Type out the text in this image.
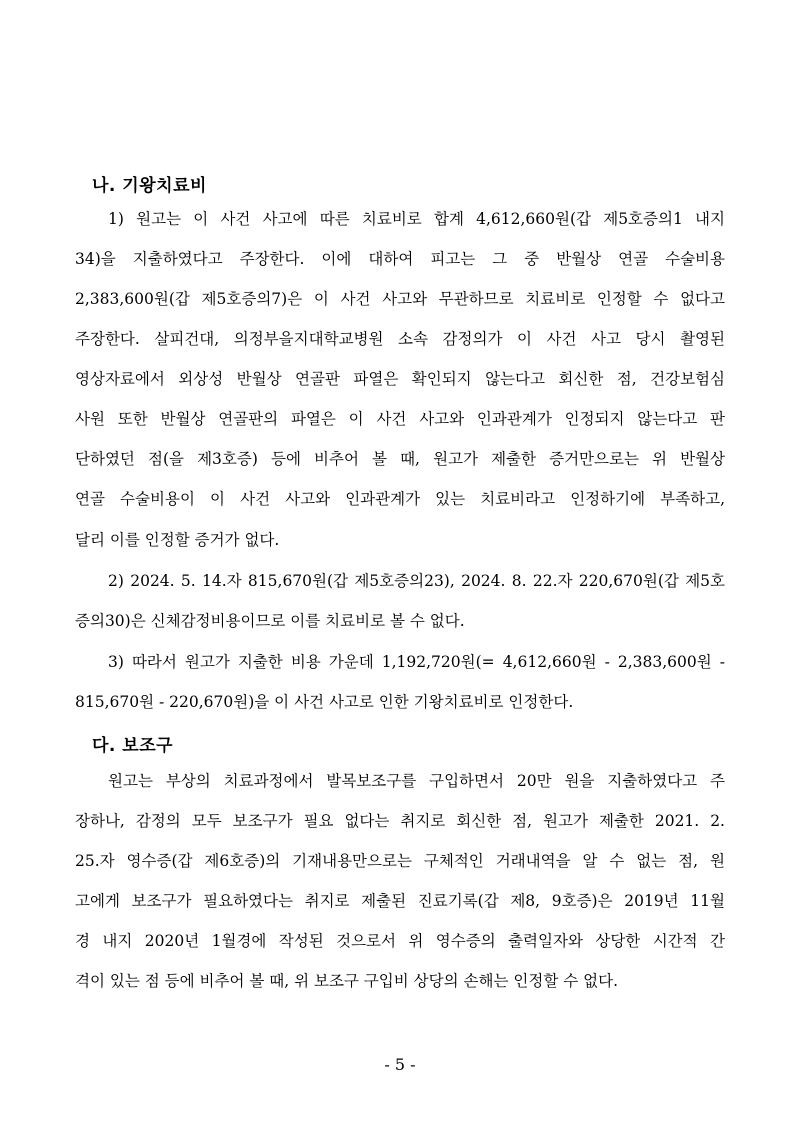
나. 기왕치료비
1) 원고는 이 사건 사고에 따른 치료비로 합계 4,612,660원(갑 제5호증의1 내지
34)을 지출하였다고 주장한다. 이에 대하여 피고는 그 중 반월상 연골 수술비용
2,383,600원(갑 제5호증의7)은 이 사건 사고와 무관하므로 치료비로 인정할 수 없다고
주장한다. 살피건대, 의정부을지대학교병원 소속 감정의가 이 사건 사고 당시 촬영된
영상자료에서 외상성 반월상 연골판 파열은 확인되지 않는다고 회신한 점, 건강보험심
사원 또한 반월상 연골판의 파열은 이 사건 사고와 인과관계가 인정되지 않는다고 판
단하였던 점(을 제3호증) 등에 비추어 볼 때, 원고가 제출한 증거만으로는 위 반월상
연골 수술비용이 이 사건 사고와 인과관계가 있는 치료비라고 인정하기에 부족하고,
달리 이를 인정할 증거가 없다.
2) 2024. 5. 14.자 815,670원(갑 제5호증의23), 2024. 8. 22.자 220,670원(갑 제5호
증의30)은 신체감정비용이므로 이를 치료비로 볼 수 없다.
3) 따라서 원고가 지출한 비용 가운데 1,192,720원(= 4,612,660원 - 2,383,600원 -
815,670원 - 220,670원)을 이 사건 사고로 인한 기왕치료비로 인정한다.
다. 보조구
원고는 부상의 치료과정에서 발목보조구를 구입하면서 20만 원을 지출하였다고 주
장하나, 감정의 모두 보조구가 필요 없다는 취지로 회신한 점, 원고가 제출한 2021. 2.
25.자 영수증(갑 제6호증)의 기재내용만으로는 구체적인 거래내역을 알 수 없는 점, 원
고에게 보조구가 필요하였다는 취지로 제출된 진료기록(갑 제8, 9호증)은 2019년 11월
경 내지 2020년 1월경에 작성된 것으로서 위 영수증의 출력일자와 상당한 시간적 간
격이 있는 점 등에 비추어 볼 때, 위 보조구 구입비 상당의 손해는 인정할 수 없다.
- 5 -
